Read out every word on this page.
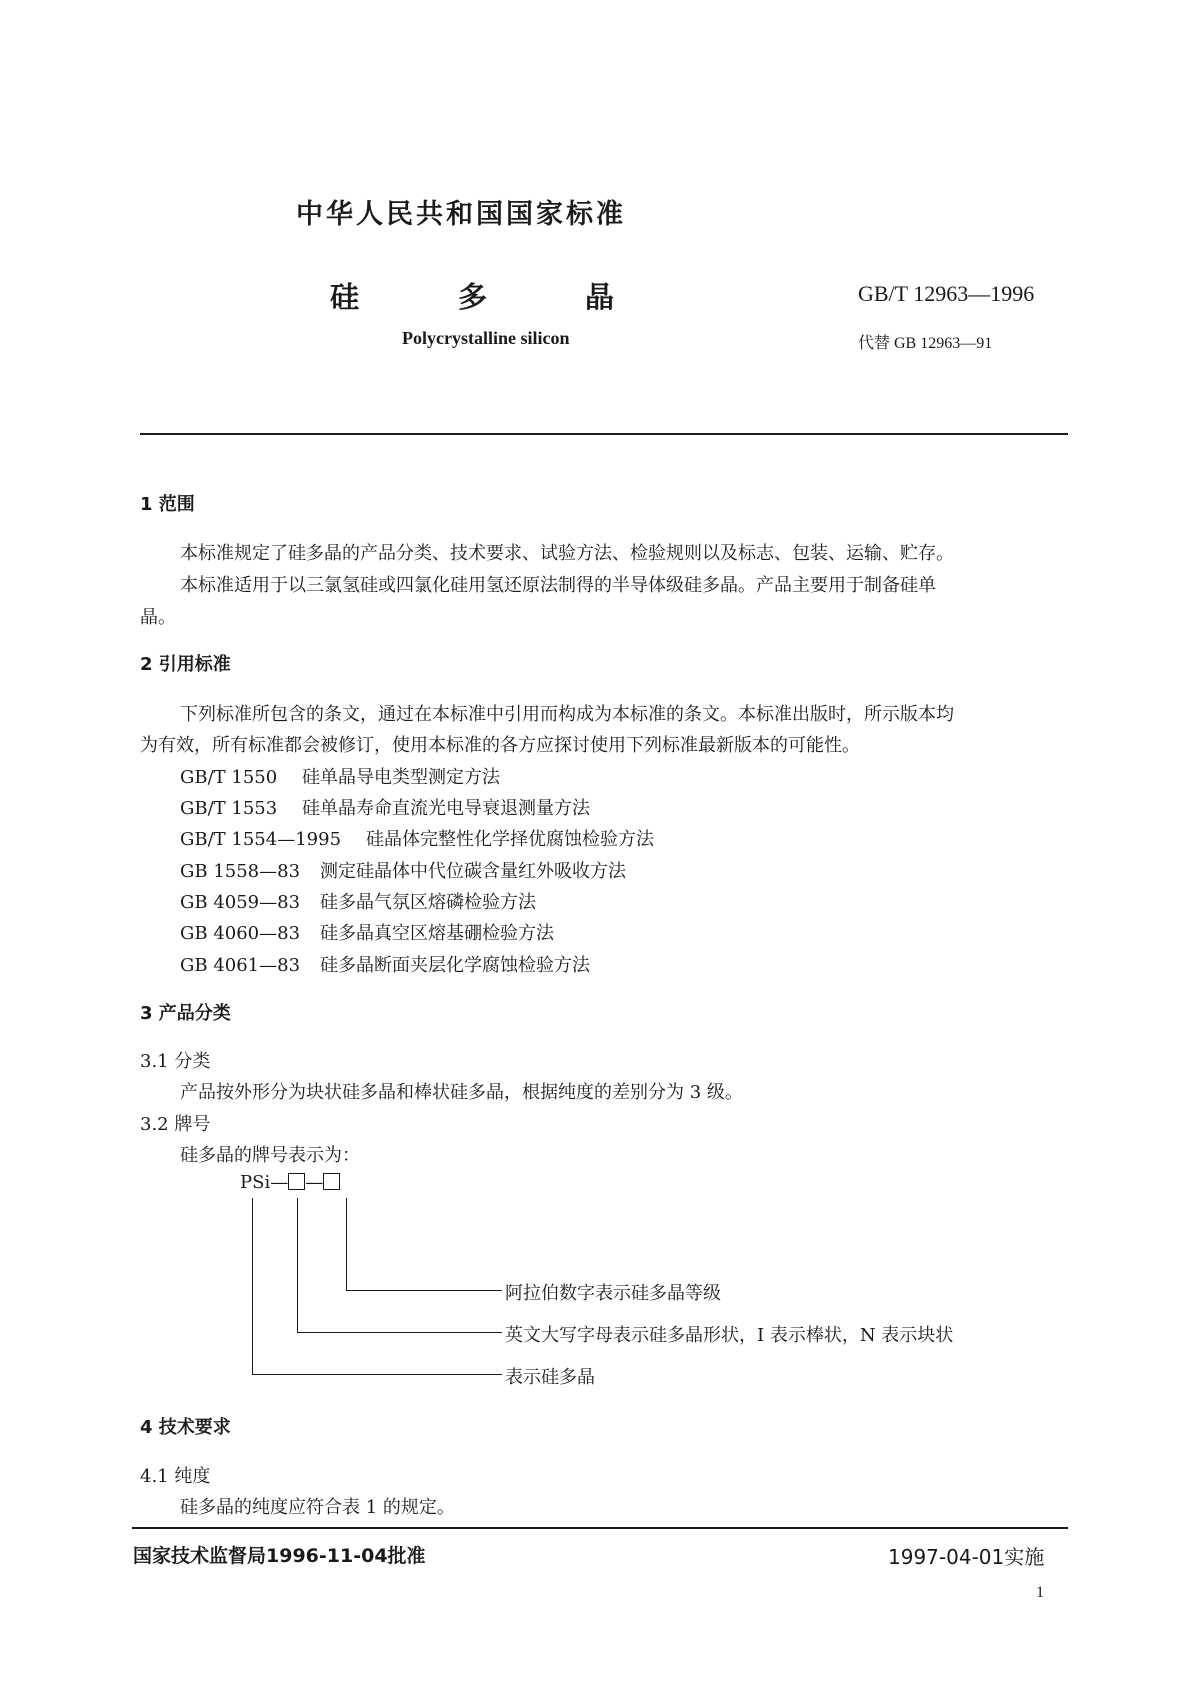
中华人民共和国国家标准
硅	多	晶	GB/T 12963—1996
Polycrystalline silicon	代替 GB 12963—91
1 范围
本标准规定了硅多晶的产品分类、技术要求、试验方法、检验规则以及标志、包装、运输、贮存。
本标准适用于以三氯氢硅或四氯化硅用氢还原法制得的半导体级硅多晶。产品主要用于制备硅单
晶。
2 引用标准
下列标准所包含的条文，通过在本标准中引用而构成为本标准的条文。本标准出版时，所示版本均
为有效，所有标准都会被修订，使用本标准的各方应探讨使用下列标准最新版本的可能性。
GB/T 1550 硅单晶导电类型测定方法
GB/T 1553 硅单晶寿命直流光电导衰退测量方法
GB/T 1554—1995 硅晶体完整性化学择优腐蚀检验方法
GB 1558—83 测定硅晶体中代位碳含量红外吸收方法
GB 4059—83 硅多晶气氛区熔磷检验方法
GB 4060—83 硅多晶真空区熔基硼检验方法
GB 4061—83 硅多晶断面夹层化学腐蚀检验方法
3 产品分类
3.1 分类
产品按外形分为块状硅多晶和棒状硅多晶，根据纯度的差别分为 3 级。
3.2 牌号
硅多晶的牌号表示为：
PSi— —
阿拉伯数字表示硅多晶等级
英文大写字母表示硅多晶形状，I 表示棒状，N 表示块状
表示硅多晶
4 技术要求
4.1 纯度
硅多晶的纯度应符合表 1 的规定。
国家技术监督局1996-11-04批准	1997-04-01实施
1
